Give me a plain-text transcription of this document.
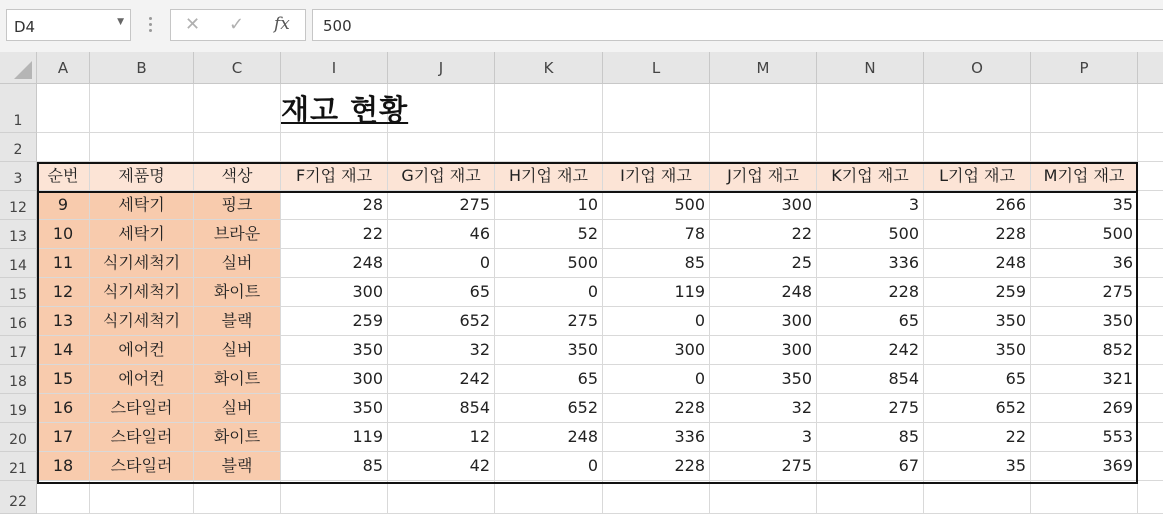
D4	▼	✕ ✓ fx 500
A	B	C	I	J	K	L	M	N	O	P
1
2
3
12
13
14
15
16
17
18
19
20
21
22
순번	제품명	색상	F기업 재고	G기업 재고	H기업 재고	I기업 재고	J기업 재고	K기업 재고	L기업 재고	M기업 재고
9	세탁기	핑크	28	275	10	500	300	3	266	35
10	세탁기	브라운	22	46	52	78	22	500	228	500
11	식기세척기	실버	248	0	500	85	25	336	248	36
12	식기세척기	화이트	300	65	0	119	248	228	259	275
13	식기세척기	블랙	259	652	275	0	300	65	350	350
14	에어컨	실버	350	32	350	300	300	242	350	852
15	에어컨	화이트	300	242	65	0	350	854	65	321
16	스타일러	실버	350	854	652	228	32	275	652	269
17	스타일러	화이트	119	12	248	336	3	85	22	553
18	스타일러	블랙	85	42	0	228	275	67	35	369
재고 현황
